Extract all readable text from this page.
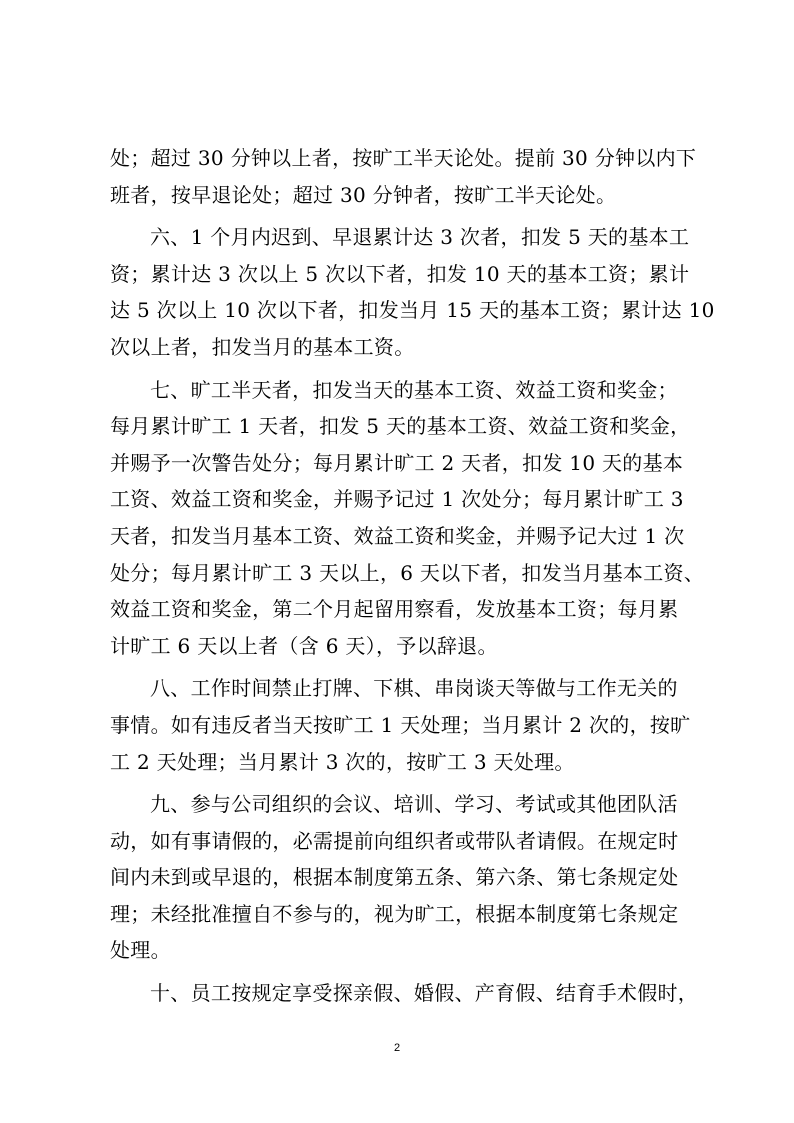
处；超过 30 分钟以上者，按旷工半天论处。提前 30 分钟以内下
班者，按早退论处；超过 30 分钟者，按旷工半天论处。
六、1 个月内迟到、早退累计达 3 次者，扣发 5 天的基本工
资；累计达 3 次以上 5 次以下者，扣发 10 天的基本工资；累计
达 5 次以上 10 次以下者，扣发当月 15 天的基本工资；累计达 10
次以上者，扣发当月的基本工资。
七、旷工半天者，扣发当天的基本工资、效益工资和奖金；
每月累计旷工 1 天者，扣发 5 天的基本工资、效益工资和奖金，
并赐予一次警告处分；每月累计旷工 2 天者，扣发 10 天的基本
工资、效益工资和奖金，并赐予记过 1 次处分；每月累计旷工 3
天者，扣发当月基本工资、效益工资和奖金，并赐予记大过 1 次
处分；每月累计旷工 3 天以上，6 天以下者，扣发当月基本工资、
效益工资和奖金，第二个月起留用察看，发放基本工资；每月累
计旷工 6 天以上者（含 6 天），予以辞退。
八、工作时间禁止打牌、下棋、串岗谈天等做与工作无关的
事情。如有违反者当天按旷工 1 天处理；当月累计 2 次的，按旷
工 2 天处理；当月累计 3 次的，按旷工 3 天处理。
九、参与公司组织的会议、培训、学习、考试或其他团队活
动，如有事请假的，必需提前向组织者或带队者请假。在规定时
间内未到或早退的，根据本制度第五条、第六条、第七条规定处
理；未经批准擅自不参与的，视为旷工，根据本制度第七条规定
处理。
十、员工按规定享受探亲假、婚假、产育假、结育手术假时，
2
